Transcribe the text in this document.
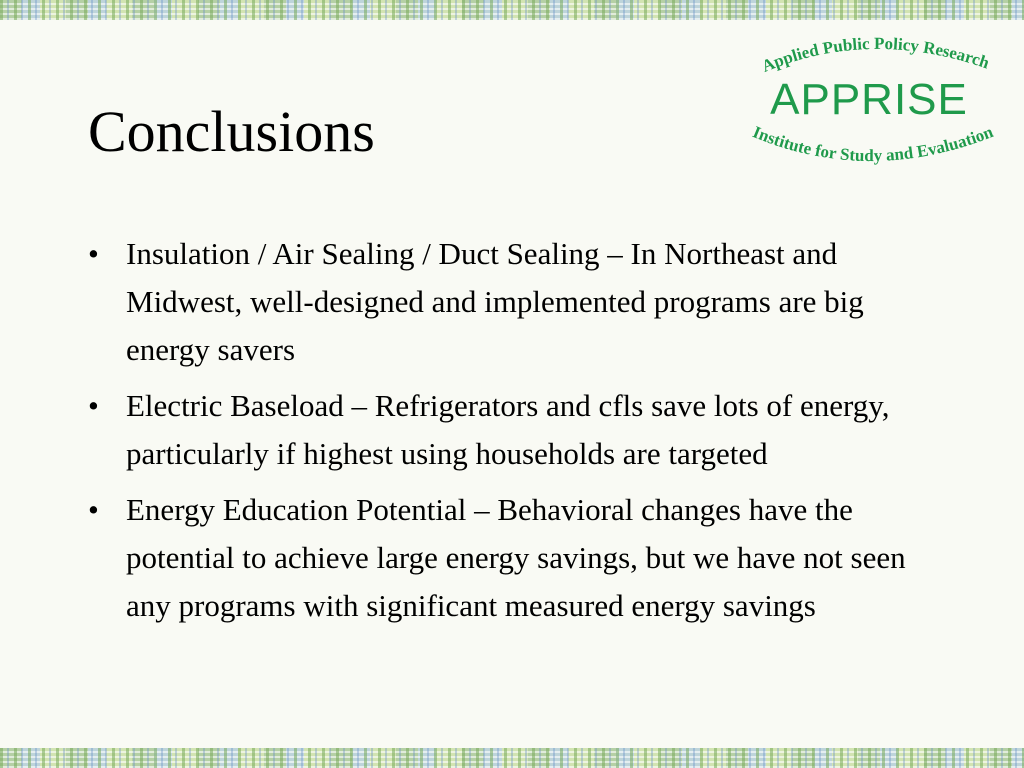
Conclusions
Applied Public Policy Research
APPRISE
Institute for Study and Evaluation
• Insulation / Air Sealing / Duct Sealing – In Northeast and Midwest, well-designed and implemented programs are big energy savers
• Electric Baseload – Refrigerators and cfls save lots of energy, particularly if highest using households are targeted
• Energy Education Potential – Behavioral changes have the potential to achieve large energy savings, but we have not seen any programs with significant measured energy savings
